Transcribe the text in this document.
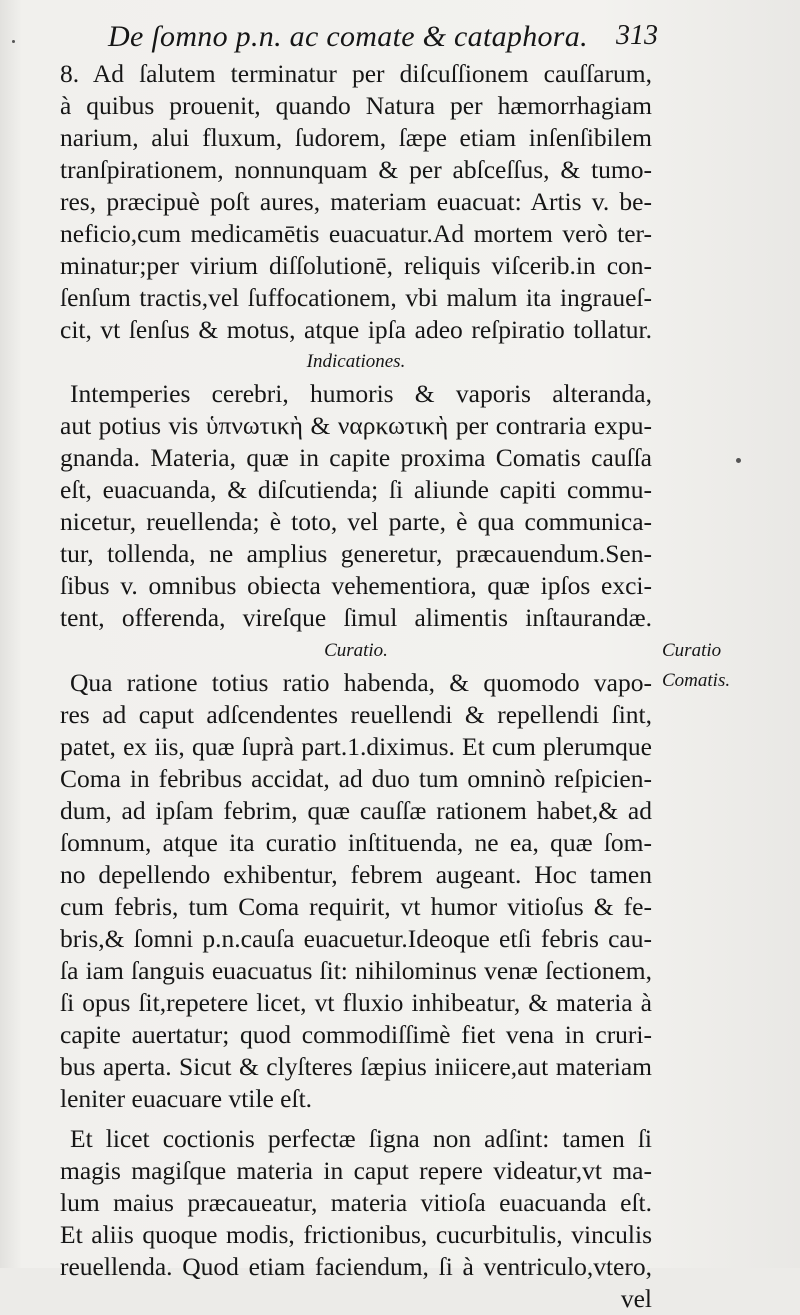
De ſomno p.n. ac comate & cataphora. 313
8. Ad ſalutem terminatur per diſcuſſionem cauſſarum,
à quibus prouenit, quando Natura per hæmorrhagiam
narium, alui fluxum, ſudorem, ſæpe etiam inſenſibilem
tranſpirationem, nonnunquam & per abſceſſus, & tumo-
res, præcipuè poſt aures, materiam euacuat: Artis v. be-
neficio,cum medicamētis euacuatur.Ad mortem verò ter-
minatur;per virium diſſolutionē, reliquis viſcerib.in con-
ſenſum tractis,vel ſuffocationem, vbi malum ita ingraueſ-
cit, vt ſenſus & motus, atque ipſa adeo reſpiratio tollatur.
Indicationes.
Intemperies cerebri, humoris & vaporis alteranda,
aut potius vis ὑπνωτικὴ & ναρκωτικὴ per contraria expu-
gnanda. Materia, quæ in capite proxima Comatis cauſſa
eſt, euacuanda, & diſcutienda; ſi aliunde capiti commu-
nicetur, reuellenda; è toto, vel parte, è qua communica-
tur, tollenda, ne amplius generetur, præcauendum.Sen-
ſibus v. omnibus obiecta vehementiora, quæ ipſos exci-
tent, offerenda, vireſque ſimul alimentis inſtaurandæ.
Curatio.
Qua ratione totius ratio habenda, & quomodo vapo-
res ad caput adſcendentes reuellendi & repellendi ſint,
patet, ex iis, quæ ſuprà part.1.diximus. Et cum plerumque
Coma in febribus accidat, ad duo tum omninò reſpicien-
dum, ad ipſam febrim, quæ cauſſæ rationem habet,& ad
ſomnum, atque ita curatio inſtituenda, ne ea, quæ ſom-
no depellendo exhibentur, febrem augeant. Hoc tamen
cum febris, tum Coma requirit, vt humor vitioſus & fe-
bris,& ſomni p.n.cauſa euacuetur.Ideoque etſi febris cau-
ſa iam ſanguis euacuatus ſit: nihilominus venæ ſectionem,
ſi opus ſit,repetere licet, vt fluxio inhibeatur, & materia à
capite auertatur; quod commodiſſimè fiet vena in cruri-
bus aperta. Sicut & clyſteres ſæpius iniicere,aut materiam
leniter euacuare vtile eſt.
Et licet coctionis perfectæ ſigna non adſint: tamen ſi
magis magiſque materia in caput repere videatur,vt ma-
lum maius præcaueatur, materia vitioſa euacuanda eſt.
Et aliis quoque modis, frictionibus, cucurbitulis, vinculis
reuellenda. Quod etiam faciendum, ſi à ventriculo,vtero,
vel
Curatio
Comatis.
